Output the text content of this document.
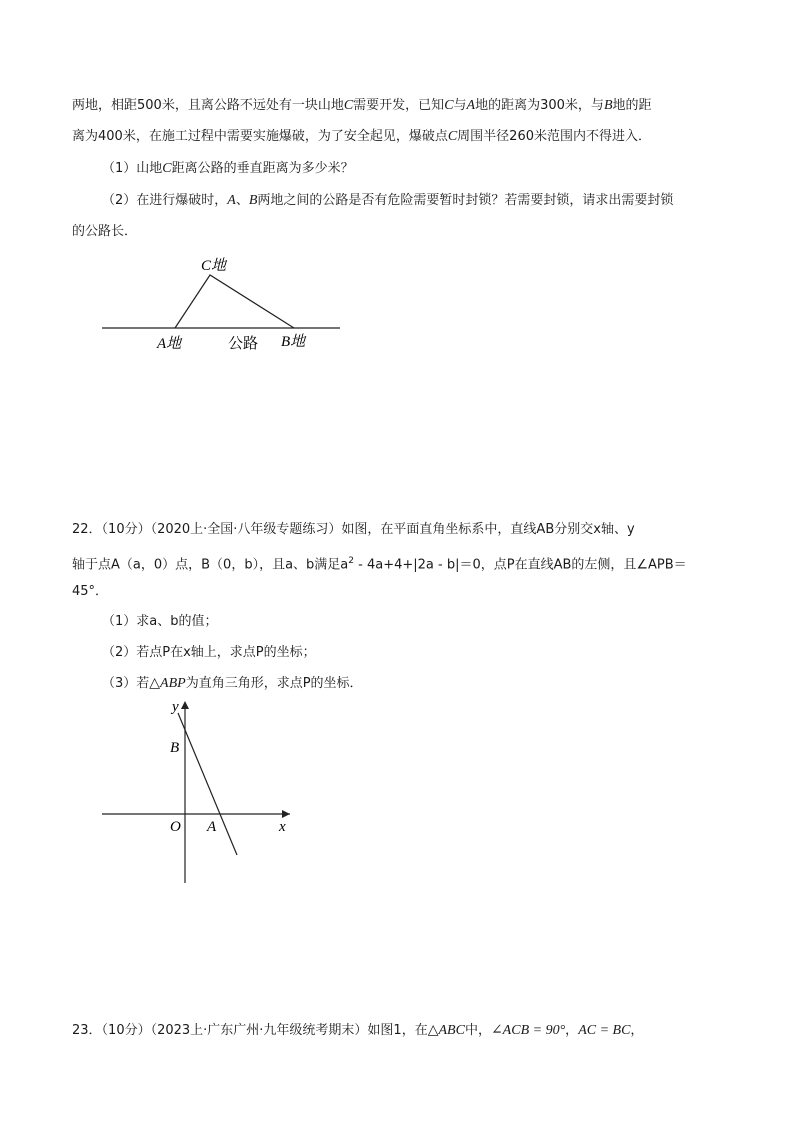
两地，相距500米，且离公路不远处有一块山地C需要开发，已知C与A地的距离为300米，与B地的距
离为400米，在施工过程中需要实施爆破，为了安全起见，爆破点C周围半径260米范围内不得进入．
（1）山地C距离公路的垂直距离为多少米？
（2）在进行爆破时，A、B两地之间的公路是否有危险需要暂时封锁？若需要封锁，请求出需要封锁
的公路长．
C地
A地	公路 B地
22．（10分）（2020上·全国·八年级专题练习）如图，在平面直角坐标系中，直线AB分别交x轴、y
轴于点A（a，0）点，B（0，b），且a、b满足$a^2 - 4a+4+|2a - b|=0$，点P在直线AB的左侧，且∠APB＝
45°．
（1）求a、b的值；
（2）若点P在x轴上，求点P的坐标；
（3）若△ABP为直角三角形，求点P的坐标．
y
B
O A	x
23．（10分）（2023上·广东广州·九年级统考期末）如图1，在△ABC中，∠ACB = 90°，AC = BC，
